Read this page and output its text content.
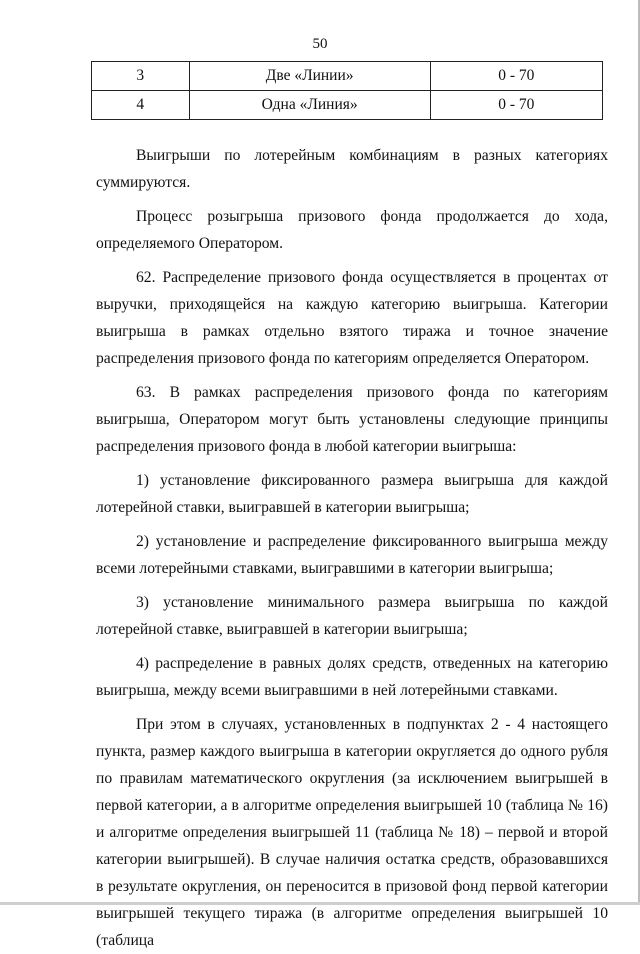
50
3	Две «Линии»	0 - 70
4	Одна «Линия»	0 - 70

Выигрыши по лотерейным комбинациям в разных категориях суммируются.

Процесс розыгрыша призового фонда продолжается до хода, определяемого Оператором.

62. Распределение призового фонда осуществляется в процентах от выручки, приходящейся на каждую категорию выигрыша. Категории выигрыша в рамках отдельно взятого тиража и точное значение распределения призового фонда по категориям определяется Оператором.

63. В рамках распределения призового фонда по категориям выигрыша, Оператором могут быть установлены следующие принципы распределения призового фонда в любой категории выигрыша:

1) установление фиксированного размера выигрыша для каждой лотерейной ставки, выигравшей в категории выигрыша;

2) установление и распределение фиксированного выигрыша между всеми лотерейными ставками, выигравшими в категории выигрыша;

3) установление минимального размера выигрыша по каждой лотерейной ставке, выигравшей в категории выигрыша;

4) распределение в равных долях средств, отведенных на категорию выигрыша, между всеми выигравшими в ней лотерейными ставками.

При этом в случаях, установленных в подпунктах 2 - 4 настоящего пункта, размер каждого выигрыша в категории округляется до одного рубля по правилам математического округления (за исключением выигрышей в первой категории, а в алгоритме определения выигрышей 10 (таблица № 16) и алгоритме определения выигрышей 11 (таблица № 18) – первой и второй категории выигрышей). В случае наличия остатка средств, образовавшихся в результате округления, он переносится в призовой фонд первой категории выигрышей текущего тиража (в алгоритме определения выигрышей 10 (таблица
